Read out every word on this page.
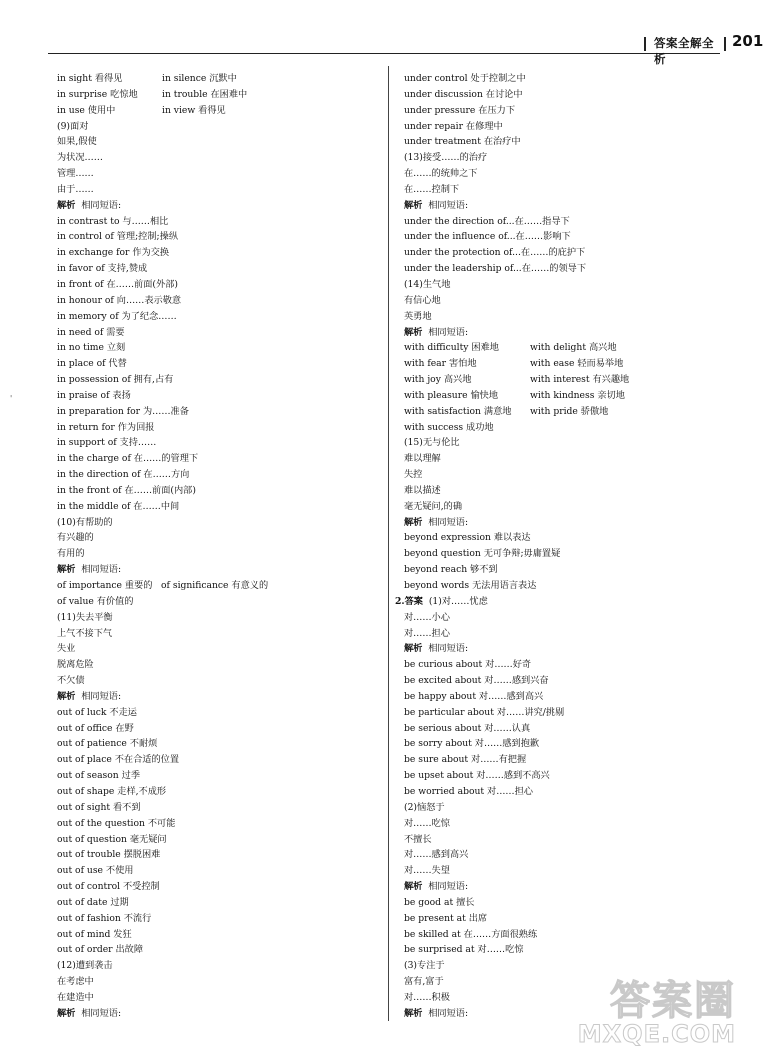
答案全解全析
201
'
in sight 看得见	in silence 沉默中
in surprise 吃惊地	in trouble 在困难中
in use 使用中	in view 看得见
(9)面对
如果,假使
为状况……
管理……
由于……
解析 相同短语:
in contrast to 与……相比
in control of 管理;控制;操纵
in exchange for 作为交换
in favor of 支持,赞成
in front of 在……前面(外部)
in honour of 向……表示敬意
in memory of 为了纪念……
in need of 需要
in no time 立刻
in place of 代替
in possession of 拥有,占有
in praise of 表扬
in preparation for 为……准备
in return for 作为回报
in support of 支持……
in the charge of 在……的管理下
in the direction of 在……方向
in the front of 在……前面(内部)
in the middle of 在……中间
(10)有帮助的
有兴趣的
有用的
解析 相同短语:
of importance 重要的 of significance 有意义的
of value 有价值的
(11)失去平衡
上气不接下气
失业
脱离危险
不欠债
解析 相同短语:
out of luck 不走运
out of office 在野
out of patience 不耐烦
out of place 不在合适的位置
out of season 过季
out of shape 走样,不成形
out of sight 看不到
out of the question 不可能
out of question 毫无疑问
out of trouble 摆脱困难
out of use 不使用
out of control 不受控制
out of date 过期
out of fashion 不流行
out of mind 发狂
out of order 出故障
(12)遭到袭击
在考虑中
在建造中
解析 相同短语:
under control 处于控制之中
under discussion 在讨论中
under pressure 在压力下
under repair 在修理中
under treatment 在治疗中
(13)接受……的治疗
在……的统帅之下
在……控制下
解析 相同短语:
under the direction of...在……指导下
under the influence of...在……影响下
under the protection of...在……的庇护下
under the leadership of...在……的领导下
(14)生气地
有信心地
英勇地
解析 相同短语:
with difficulty 困难地	with delight 高兴地
with fear 害怕地	with ease 轻而易举地
with joy 高兴地	with interest 有兴趣地
with pleasure 愉快地	with kindness 亲切地
with satisfaction 满意地	with pride 骄傲地
with success 成功地
(15)无与伦比
难以理解
失控
难以描述
毫无疑问,的确
解析 相同短语:
beyond expression 难以表达
beyond question 无可争辩;毋庸置疑
beyond reach 够不到
beyond words 无法用语言表达
2.答案 (1)对……忧虑
对……小心
对……担心
解析 相同短语:
be curious about 对……好奇
be excited about 对……感到兴奋
be happy about 对……感到高兴
be particular about 对……讲究/挑剔
be serious about 对……认真
be sorry about 对……感到抱歉
be sure about 对……有把握
be upset about 对……感到不高兴
be worried about 对……担心
(2)恼怒于
对……吃惊
不擅长
对……感到高兴
对……失望
解析 相同短语:
be good at 擅长
be present at 出席
be skilled at 在……方面很熟练
be surprised at 对……吃惊
(3)专注于
富有,富于
对……积极
解析 相同短语:	答案圈
MXQE.COM
